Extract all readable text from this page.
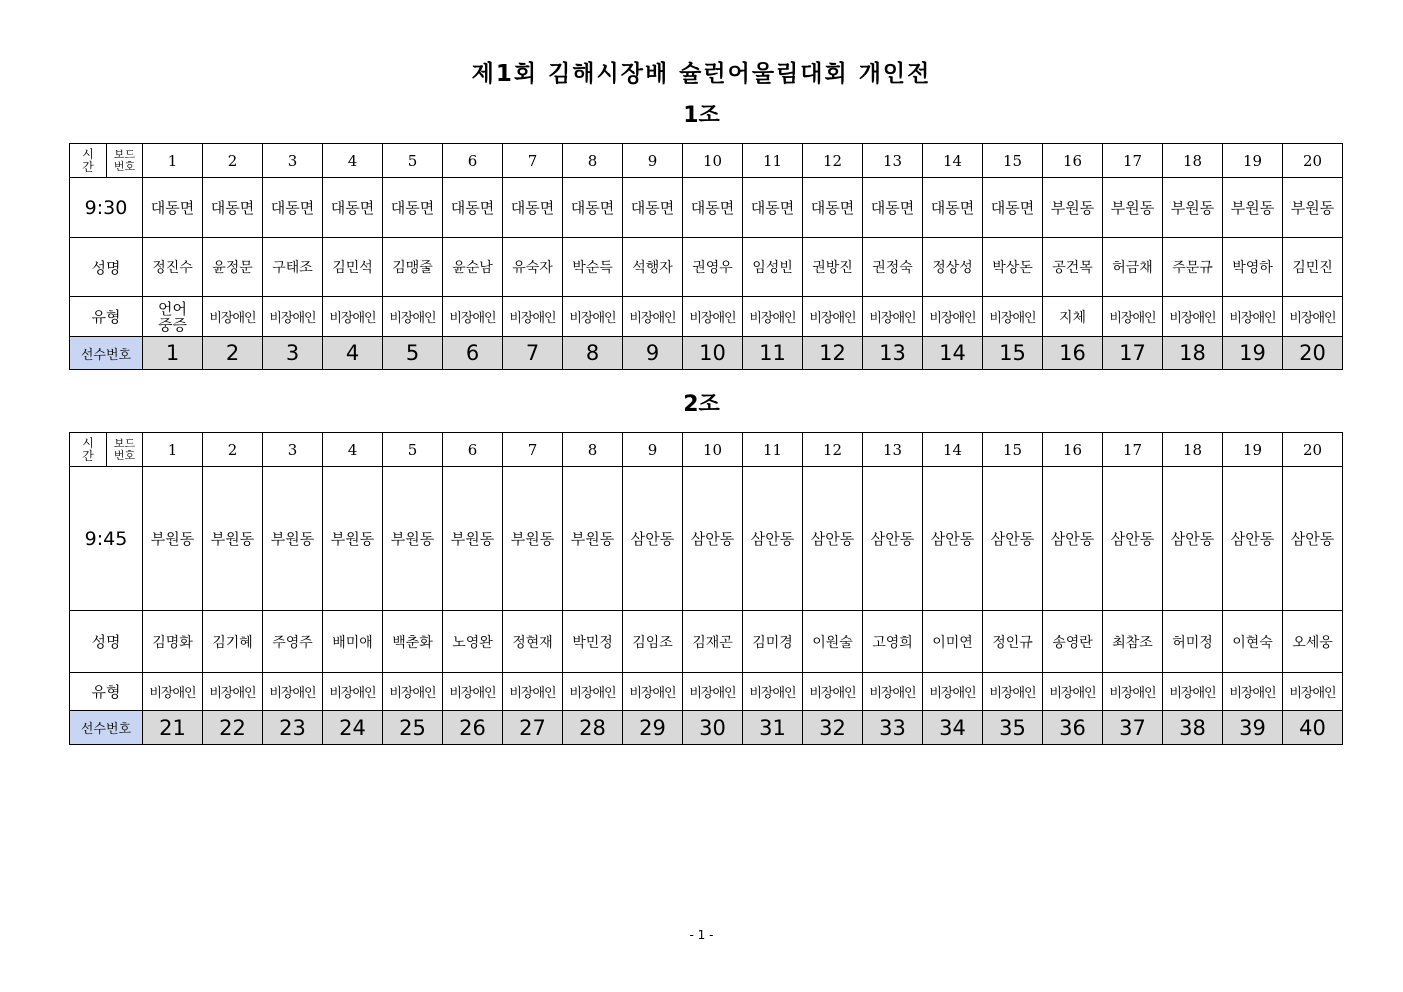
제1회 김해시장배 슐런어울림대회 개인전
1조
시
간
보드
번호	1	2	3	4	5	6	7	8	9	10	11	12	13	14	15	16	17	18	19	20
9:30	대동면	대동면	대동면	대동면	대동면	대동면	대동면	대동면	대동면	대동면	대동면	대동면	대동면	대동면	대동면	부원동	부원동	부원동	부원동	부원동
성명	정진수	윤정문	구태조	김민석	김맹줄	윤순남	유숙자	박순득	석행자	권영우	임성빈	권방진	권정숙	정상성	박상돈	공건목	허금채	주문규	박영하	김민진
유형	언어
중증	비장애인	비장애인	비장애인	비장애인	비장애인	비장애인	비장애인	비장애인	비장애인	비장애인	비장애인	비장애인	비장애인	비장애인	지체	비장애인	비장애인	비장애인	비장애인
선수번호	1	2	3	4	5	6	7	8	9	10	11	12	13	14	15	16	17	18	19	20
2조
시
간
보드
번호	1	2	3	4	5	6	7	8	9	10	11	12	13	14	15	16	17	18	19	20
9:45	부원동	부원동	부원동	부원동	부원동	부원동	부원동	부원동	삼안동	삼안동	삼안동	삼안동	삼안동	삼안동	삼안동	삼안동	삼안동	삼안동	삼안동	삼안동
성명	김명화	김기혜	주영주	배미애	백춘화	노영완	정현재	박민정	김임조	김재곤	김미경	이원술	고영희	이미연	정인규	송영란	최참조	허미정	이현숙	오세웅
유형	비장애인	비장애인	비장애인	비장애인	비장애인	비장애인	비장애인	비장애인	비장애인	비장애인	비장애인	비장애인	비장애인	비장애인	비장애인	비장애인	비장애인	비장애인	비장애인	비장애인
선수번호	21	22	23	24	25	26	27	28	29	30	31	32	33	34	35	36	37	38	39	40
- 1 -
